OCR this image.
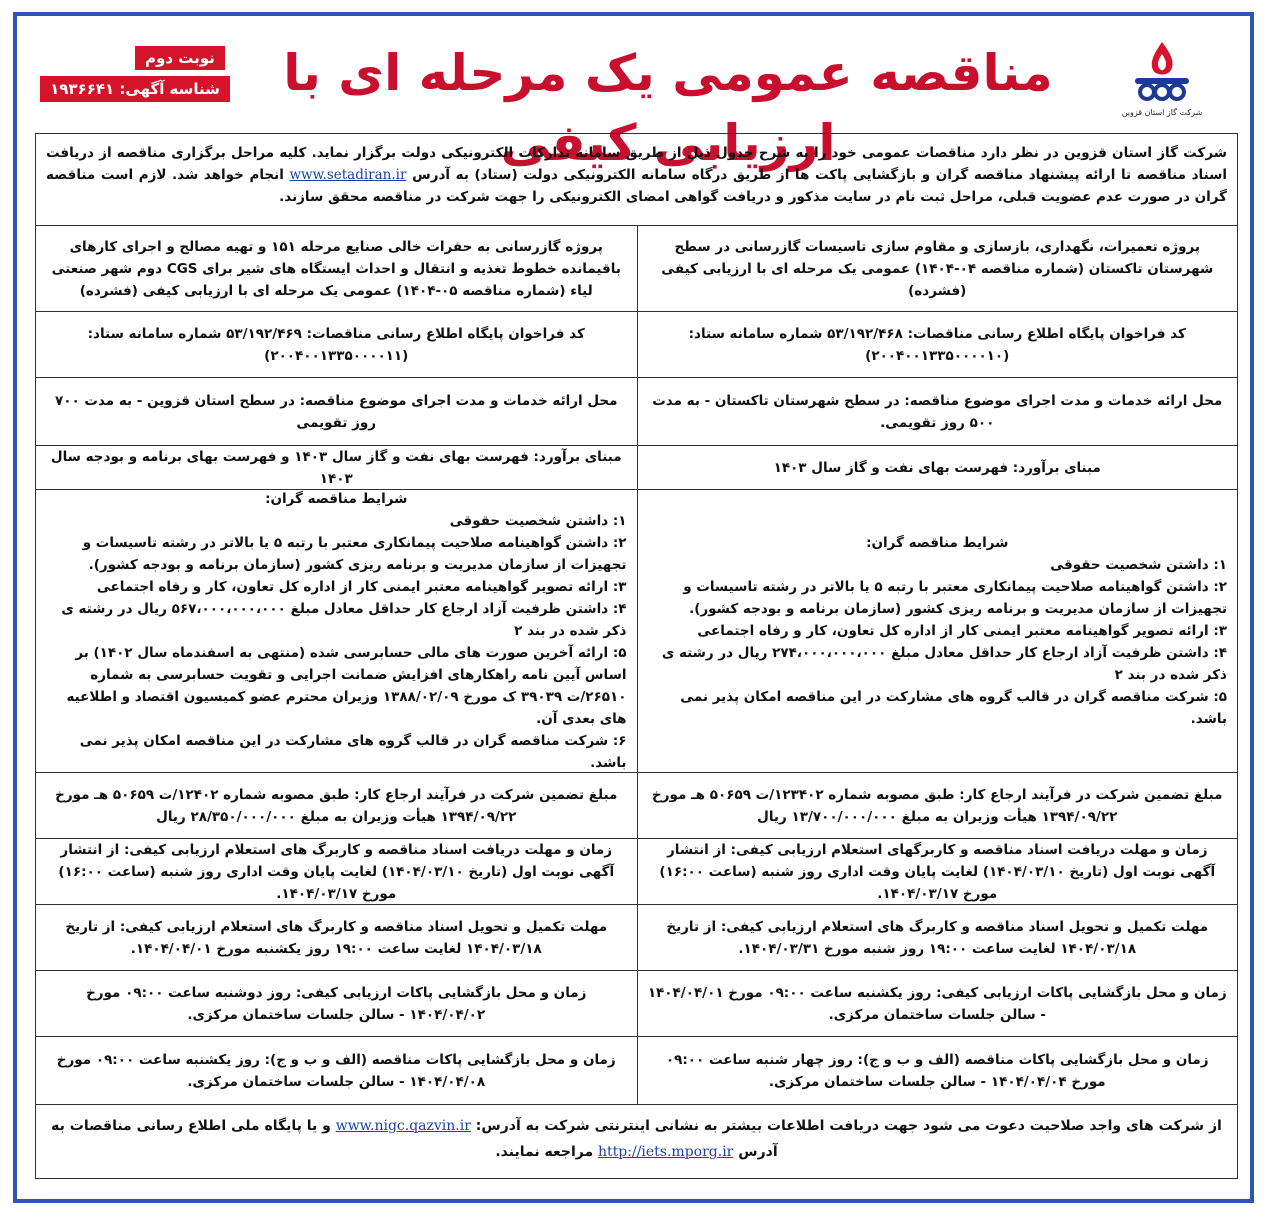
نوبت دوم
شناسه آگهی: ۱۹۳۶۶۴۱	مناقصه عمومی یک مرحله ای با ارزیابی کیفی
شرکت گاز استان قزوین
شرکت گاز استان قزوین در نظر دارد مناقصات عمومی خود را به شرح جدول ذیل از طریق سامانه تدارکات الکترونیکی دولت برگزار نماید. کلیه مراحل برگزاری مناقصه از دریافت اسناد مناقصه تا ارائه پیشنهاد مناقصه گران و بازگشایی پاکت ها از طریق درگاه سامانه الکترونیکی دولت (ستاد) به آدرس www.setadiran.ir انجام خواهد شد. لازم است مناقصه گران در صورت عدم عضویت قبلی، مراحل ثبت نام در سایت مذکور و دریافت گواهی امضای الکترونیکی را جهت شرکت در مناقصه محقق سازند.
پروژه تعمیرات، نگهداری، بازسازی و مقاوم سازی تاسیسات گازرسانی در سطح شهرستان تاکستان (شماره مناقصه ۰۴-۱۴۰۴) عمومی یک مرحله ای با ارزیابی کیفی (فشرده)
پروژه گازرسانی به حفرات خالی صنایع مرحله ۱۵۱ و تهیه مصالح و اجرای کارهای باقیمانده خطوط تغذیه و انتقال و احداث ایستگاه های شیر برای CGS دوم شهر صنعتی لیاء (شماره مناقصه ۰۵-۱۴۰۴) عمومی یک مرحله ای با ارزیابی کیفی (فشرده)
کد فراخوان پایگاه اطلاع رسانی مناقصات: ۵۳/۱۹۲/۴۶۸ شماره سامانه ستاد: (۲۰۰۴۰۰۱۳۳۵۰۰۰۰۱۰)
کد فراخوان پایگاه اطلاع رسانی مناقصات: ۵۳/۱۹۲/۴۶۹ شماره سامانه ستاد: (۲۰۰۴۰۰۱۳۳۵۰۰۰۰۱۱)
محل ارائه خدمات و مدت اجرای موضوع مناقصه: در سطح شهرستان تاکستان - به مدت ۵۰۰ روز تقویمی.
محل ارائه خدمات و مدت اجرای موضوع مناقصه: در سطح استان قزوین - به مدت ۷۰۰ روز تقویمی
مبنای برآورد: فهرست بهای نفت و گاز سال ۱۴۰۳
مبنای برآورد: فهرست بهای نفت و گاز سال ۱۴۰۳ و فهرست بهای برنامه و بودجه سال ۱۴۰۳
شرایط مناقصه گران:
۱: داشتن شخصیت حقوقی
۲: داشتن گواهینامه صلاحیت پیمانکاری معتبر با رتبه ۵ یا بالاتر در رشته تاسیسات و تجهیزات از سازمان مدیریت و برنامه ریزی کشور (سازمان برنامه و بودجه کشور).
۳: ارائه تصویر گواهینامه معتبر ایمنی کار از اداره کل تعاون، کار و رفاه اجتماعی
۴: داشتن ظرفیت آزاد ارجاع کار حداقل معادل مبلغ ۲۷۴،۰۰۰،۰۰۰،۰۰۰ ریال در رشته ی ذکر شده در بند ۲
۵: شرکت مناقصه گران در قالب گروه های مشارکت در این مناقصه امکان پذیر نمی باشد.
شرایط مناقصه گران:
۱: داشتن شخصیت حقوقی
۲: داشتن گواهینامه صلاحیت پیمانکاری معتبر با رتبه ۵ یا بالاتر در رشته تاسیسات و تجهیزات از سازمان مدیریت و برنامه ریزی کشور (سازمان برنامه و بودجه کشور).
۳: ارائه تصویر گواهینامه معتبر ایمنی کار از اداره کل تعاون، کار و رفاه اجتماعی
۴: داشتن ظرفیت آزاد ارجاع کار حداقل معادل مبلغ ۵۶۷،۰۰۰،۰۰۰،۰۰۰ ریال در رشته ی ذکر شده در بند ۲
۵: ارائه آخرین صورت های مالی حسابرسی شده (منتهی به اسفندماه سال ۱۴۰۲) بر اساس آیین نامه راهکارهای افزایش ضمانت اجرایی و تقویت حسابرسی به شماره ۲۶۵۱۰/ت ۳۹۰۳۹ ک مورخ ۱۳۸۸/۰۲/۰۹ وزیران محترم عضو کمیسیون اقتصاد و اطلاعیه های بعدی آن.
۶: شرکت مناقصه گران در قالب گروه های مشارکت در این مناقصه امکان پذیر نمی باشد.
مبلغ تضمین شرکت در فرآیند ارجاع کار: طبق مصوبه شماره ۱۲۳۴۰۲/ت ۵۰۶۵۹ هـ مورخ ۱۳۹۴/۰۹/۲۲ هیأت وزیران به مبلغ ۱۳/۷۰۰/۰۰۰/۰۰۰ ریال
مبلغ تضمین شرکت در فرآیند ارجاع کار: طبق مصوبه شماره ۱۲۴۰۲/ت ۵۰۶۵۹ هـ مورخ ۱۳۹۴/۰۹/۲۲ هیأت وزیران به مبلغ ۲۸/۳۵۰/۰۰۰/۰۰۰ ریال
زمان و مهلت دریافت اسناد مناقصه و کاربرگهای استعلام ارزیابی کیفی: از انتشار آگهی نوبت اول (تاریخ ۱۴۰۴/۰۳/۱۰) لغایت پایان وقت اداری روز شنبه (ساعت ۱۶:۰۰) مورخ ۱۴۰۴/۰۳/۱۷.
زمان و مهلت دریافت اسناد مناقصه و کاربرگ های استعلام ارزیابی کیفی: از انتشار آگهی نوبت اول (تاریخ ۱۴۰۴/۰۳/۱۰) لغایت پایان وقت اداری روز شنبه (ساعت ۱۶:۰۰) مورخ ۱۴۰۴/۰۳/۱۷.
مهلت تکمیل و تحویل اسناد مناقصه و کاربرگ های استعلام ارزیابی کیفی: از تاریخ ۱۴۰۴/۰۳/۱۸ لغایت ساعت ۱۹:۰۰ روز شنبه مورخ ۱۴۰۴/۰۳/۳۱.
مهلت تکمیل و تحویل اسناد مناقصه و کاربرگ های استعلام ارزیابی کیفی: از تاریخ ۱۴۰۴/۰۳/۱۸ لغایت ساعت ۱۹:۰۰ روز یکشنبه مورخ ۱۴۰۴/۰۴/۰۱.
زمان و محل بازگشایی پاکات ارزیابی کیفی: روز یکشنبه ساعت ۰۹:۰۰ مورخ ۱۴۰۴/۰۴/۰۱ - سالن جلسات ساختمان مرکزی.
زمان و محل بازگشایی پاکات ارزیابی کیفی: روز دوشنبه ساعت ۰۹:۰۰ مورخ ۱۴۰۴/۰۴/۰۲ - سالن جلسات ساختمان مرکزی.
زمان و محل بازگشایی پاکات مناقصه (الف و ب و ج): روز چهار شنبه ساعت ۰۹:۰۰ مورخ ۱۴۰۴/۰۴/۰۴ - سالن جلسات ساختمان مرکزی.
زمان و محل بازگشایی پاکات مناقصه (الف و ب و ج): روز یکشنبه ساعت ۰۹:۰۰ مورخ ۱۴۰۴/۰۴/۰۸ - سالن جلسات ساختمان مرکزی.
از شرکت های واجد صلاحیت دعوت می شود جهت دریافت اطلاعات بیشتر به نشانی اینترنتی شرکت به آدرس: www.nigc.qazvin.ir و یا پایگاه ملی اطلاع رسانی مناقصات به آدرس http://iets.mporg.ir مراجعه نمایند.
